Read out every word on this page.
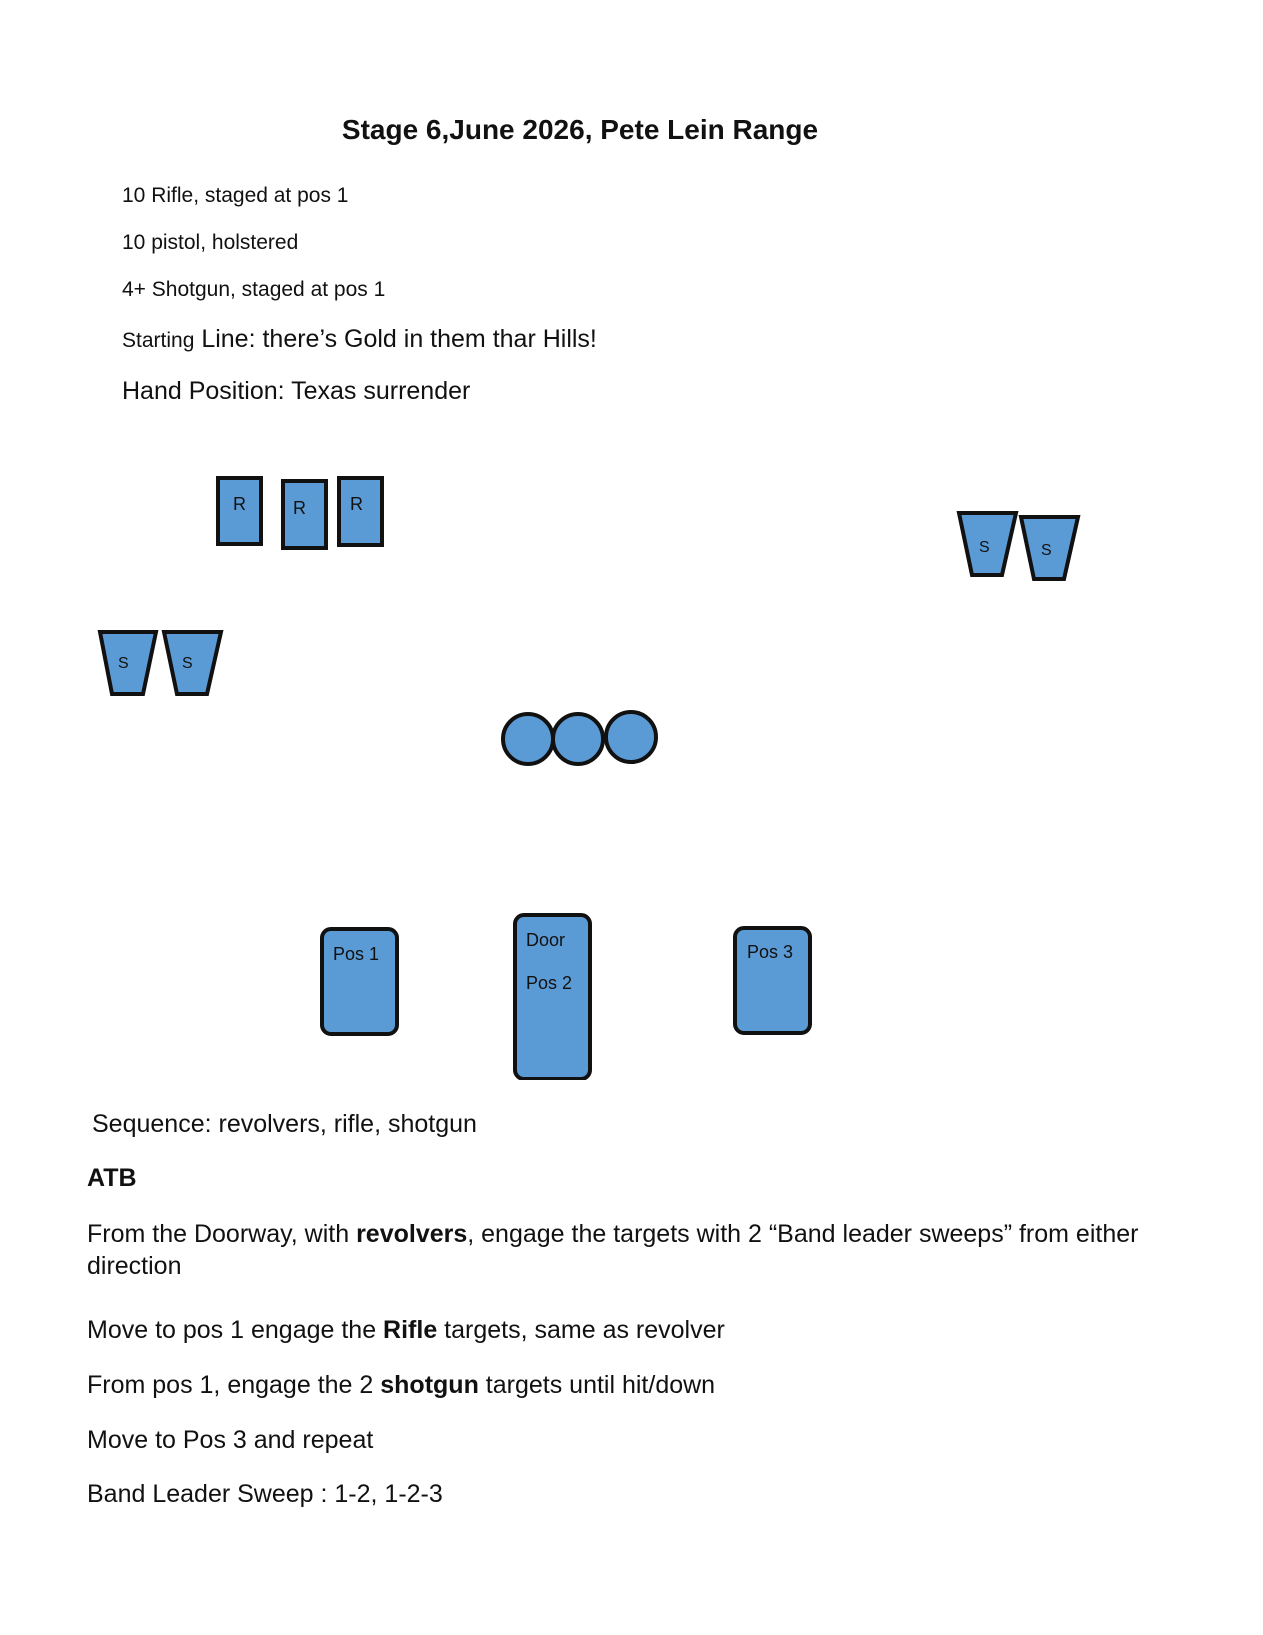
Stage 6,June 2026, Pete Lein Range
10 Rifle, staged at pos 1
10 pistol, holstered
4+ Shotgun, staged at pos 1
Starting Line: there’s Gold in them thar Hills!
Hand Position: Texas surrender
R	R R
S	S
S	S
Pos 1
Door
Pos 2
Pos 3
Sequence: revolvers, rifle, shotgun
ATB
From the Doorway, with revolvers, engage the targets with 2 “Band leader sweeps” from either direction
Move to pos 1 engage the Rifle targets, same as revolver
From pos 1, engage the 2 shotgun targets until hit/down
Move to Pos 3 and repeat
Band Leader Sweep : 1-2, 1-2-3
